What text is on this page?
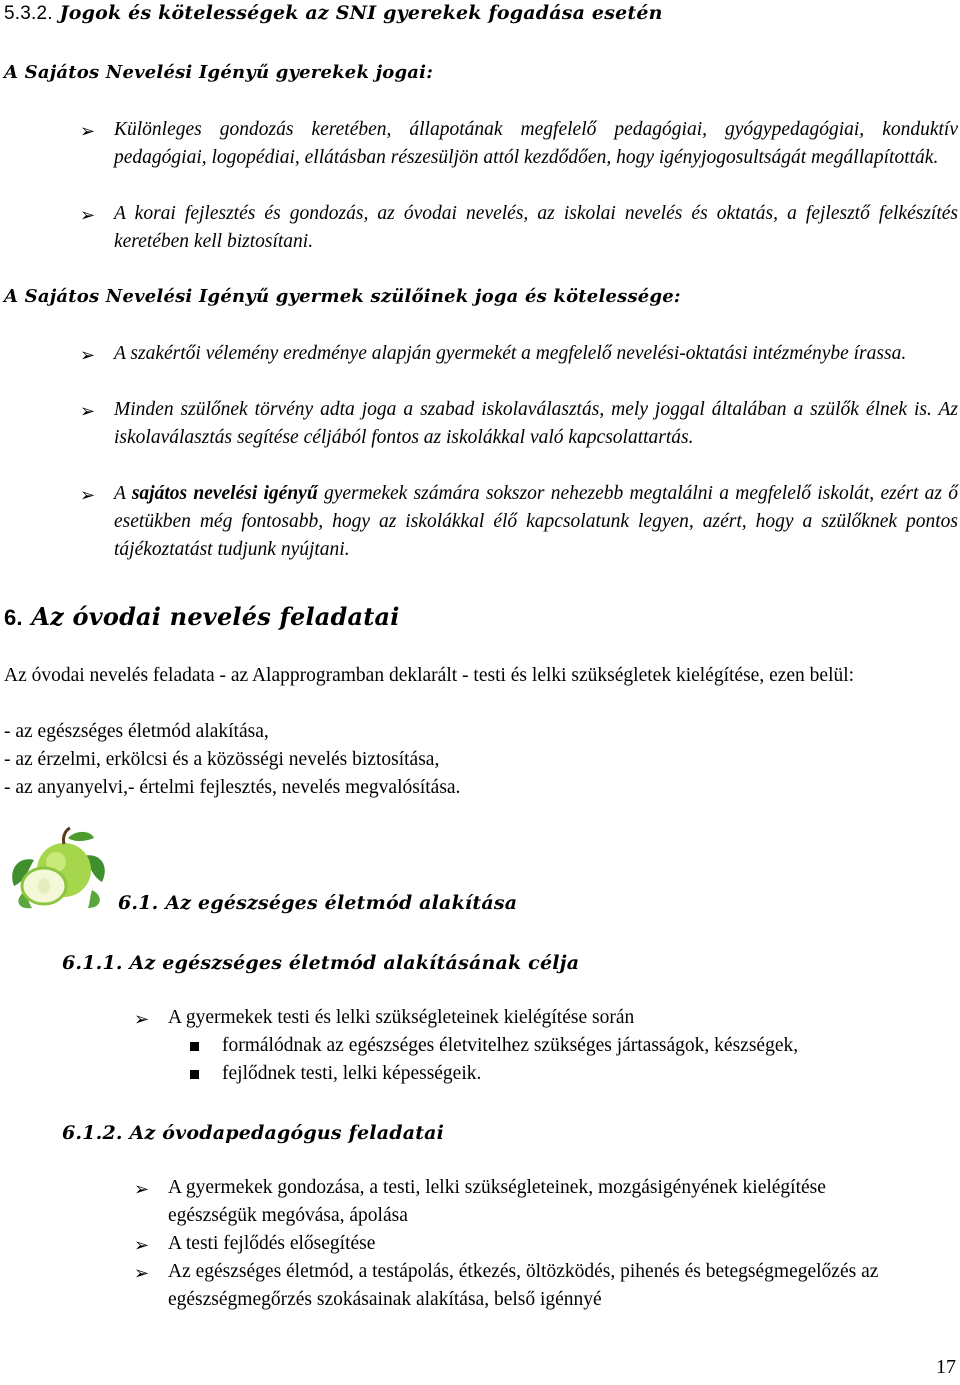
5.3.2. Jogok és kötelességek az SNI gyerekek fogadása esetén
A Sajátos Nevelési Igényű gyerekek jogai:
➢ Különleges gondozás keretében, állapotának megfelelő pedagógiai, gyógypedagógiai, konduktív pedagógiai, logopédiai, ellátásban részesüljön attól kezdődően, hogy igényjogosultságát megállapították.
➢ A korai fejlesztés és gondozás, az óvodai nevelés, az iskolai nevelés és oktatás, a fejlesztő felkészítés keretében kell biztosítani.
A Sajátos Nevelési Igényű gyermek szülőinek joga és kötelessége:
➢ A szakértői vélemény eredménye alapján gyermekét a megfelelő nevelési-oktatási intézménybe írassa.
➢ Minden szülőnek törvény adta joga a szabad iskolaválasztás, mely joggal általában a szülők élnek is. Az iskolaválasztás segítése céljából fontos az iskolákkal való kapcsolattartás.
➢ A sajátos nevelési igényű gyermekek számára sokszor nehezebb megtalálni a megfelelő iskolát, ezért az ő esetükben még fontosabb, hogy az iskolákkal élő kapcsolatunk legyen, azért, hogy a szülőknek pontos tájékoztatást tudjunk nyújtani.
6. Az óvodai nevelés feladatai
Az óvodai nevelés feladata - az Alapprogramban deklarált - testi és lelki szükségletek kielégítése, ezen belül:
- az egészséges életmód alakítása,
- az érzelmi, erkölcsi és a közösségi nevelés biztosítása,
- az anyanyelvi,- értelmi fejlesztés, nevelés megvalósítása.
6.1. Az egészséges életmód alakítása
6.1.1. Az egészséges életmód alakításának célja
➢ A gyermekek testi és lelki szükségleteinek kielégítése során
formálódnak az egészséges életvitelhez szükséges jártasságok, készségek,
fejlődnek testi, lelki képességeik.
6.1.2. Az óvodapedagógus feladatai
➢ A gyermekek gondozása, a testi, lelki szükségleteinek, mozgásigényének kielégítése egészségük megóvása, ápolása
➢ A testi fejlődés elősegítése
➢ Az egészséges életmód, a testápolás, étkezés, öltözködés, pihenés és betegségmegelőzés az egészségmegőrzés szokásainak alakítása, belső igénnyé
17
